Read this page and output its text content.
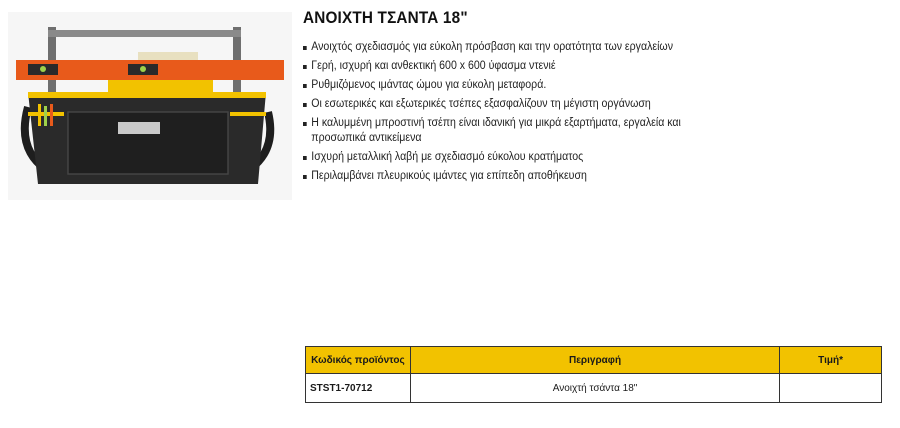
ΑΝΟΙΧΤΗ ΤΣΑΝΤΑ 18"
Ανοιχτός σχεδιασμός για εύκολη πρόσβαση και την ορατότητα των εργαλείων
Γερή, ισχυρή και ανθεκτική 600 x 600 ύφασμα ντενιέ
Ρυθμιζόμενος ιμάντας ώμου για εύκολη μεταφορά.
Οι εσωτερικές και εξωτερικές τσέπες εξασφαλίζουν τη μέγιστη οργάνωση
Η καλυμμένη μπροστινή τσέπη είναι ιδανική για μικρά εξαρτήματα, εργαλεία και προσωπικά αντικείμενα
Ισχυρή μεταλλική λαβή με σχεδιασμό εύκολου κρατήματος
Περιλαμβάνει πλευρικούς ιμάντες για επίπεδη αποθήκευση
Κωδικός προϊόντος	Περιγραφή	Τιμή*
STST1-70712	Ανοιχτή τσάντα 18"	
